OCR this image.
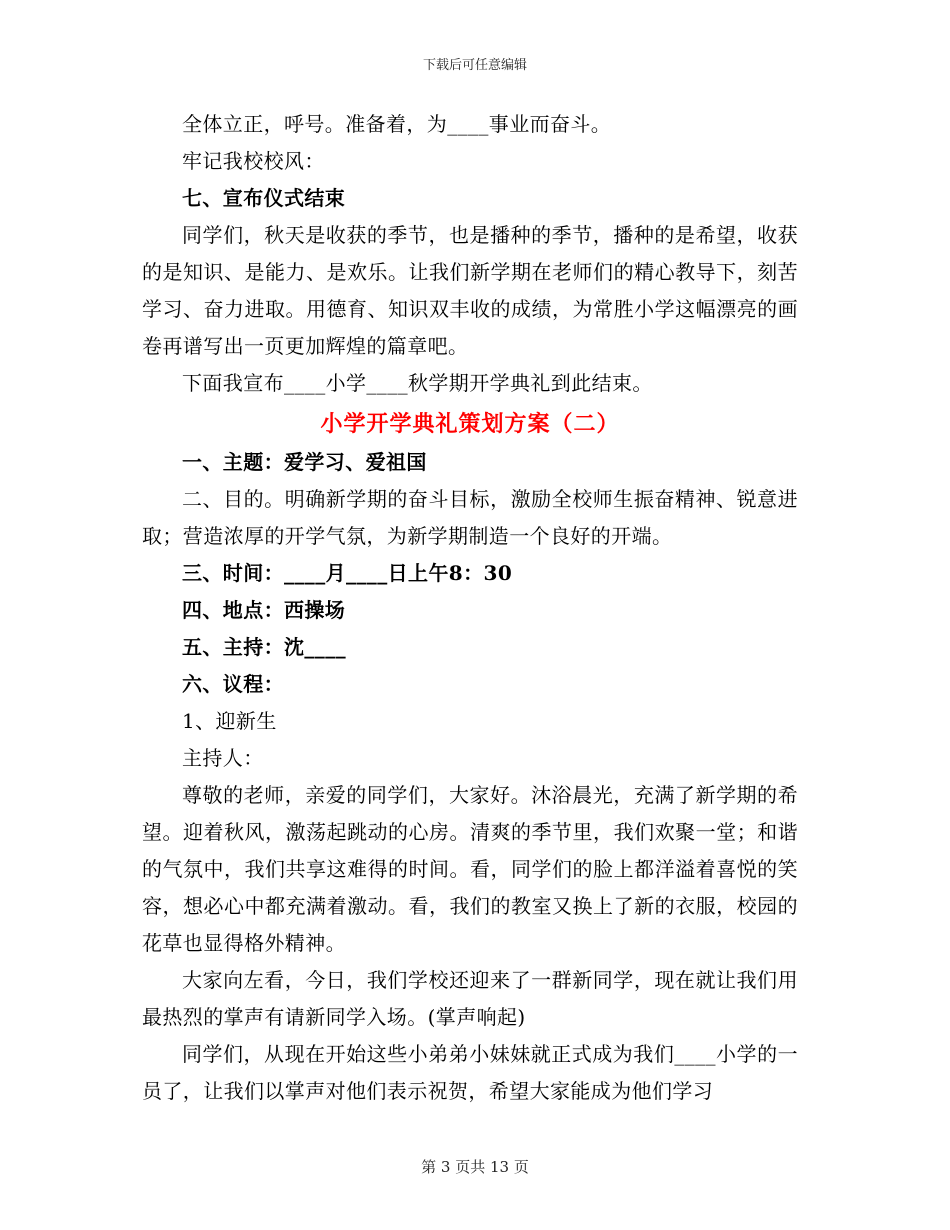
下载后可任意编辑
全体立正，呼号。准备着，为____事业而奋斗。
牢记我校校风：
七、宣布仪式结束
同学们，秋天是收获的季节，也是播种的季节，播种的是希望，收获的是知识、是能力、是欢乐。让我们新学期在老师们的精心教导下，刻苦学习、奋力进取。用德育、知识双丰收的成绩，为常胜小学这幅漂亮的画卷再谱写出一页更加辉煌的篇章吧。
下面我宣布____小学____秋学期开学典礼到此结束。
小学开学典礼策划方案（二）
一、主题：爱学习、爱祖国
二、目的。明确新学期的奋斗目标，激励全校师生振奋精神、锐意进取；营造浓厚的开学气氛，为新学期制造一个良好的开端。
三、时间：____月____日上午8：30
四、地点：西操场
五、主持：沈____
六、议程：
1、迎新生
主持人：
尊敬的老师，亲爱的同学们，大家好。沐浴晨光，充满了新学期的希望。迎着秋风，激荡起跳动的心房。清爽的季节里，我们欢聚一堂；和谐的气氛中，我们共享这难得的时间。看，同学们的脸上都洋溢着喜悦的笑容，想必心中都充满着激动。看，我们的教室又换上了新的衣服，校园的花草也显得格外精神。
大家向左看，今日，我们学校还迎来了一群新同学，现在就让我们用最热烈的掌声有请新同学入场。(掌声响起)
同学们，从现在开始这些小弟弟小妹妹就正式成为我们____小学的一员了，让我们以掌声对他们表示祝贺，希望大家能成为他们学习
第 3 页共 13 页
